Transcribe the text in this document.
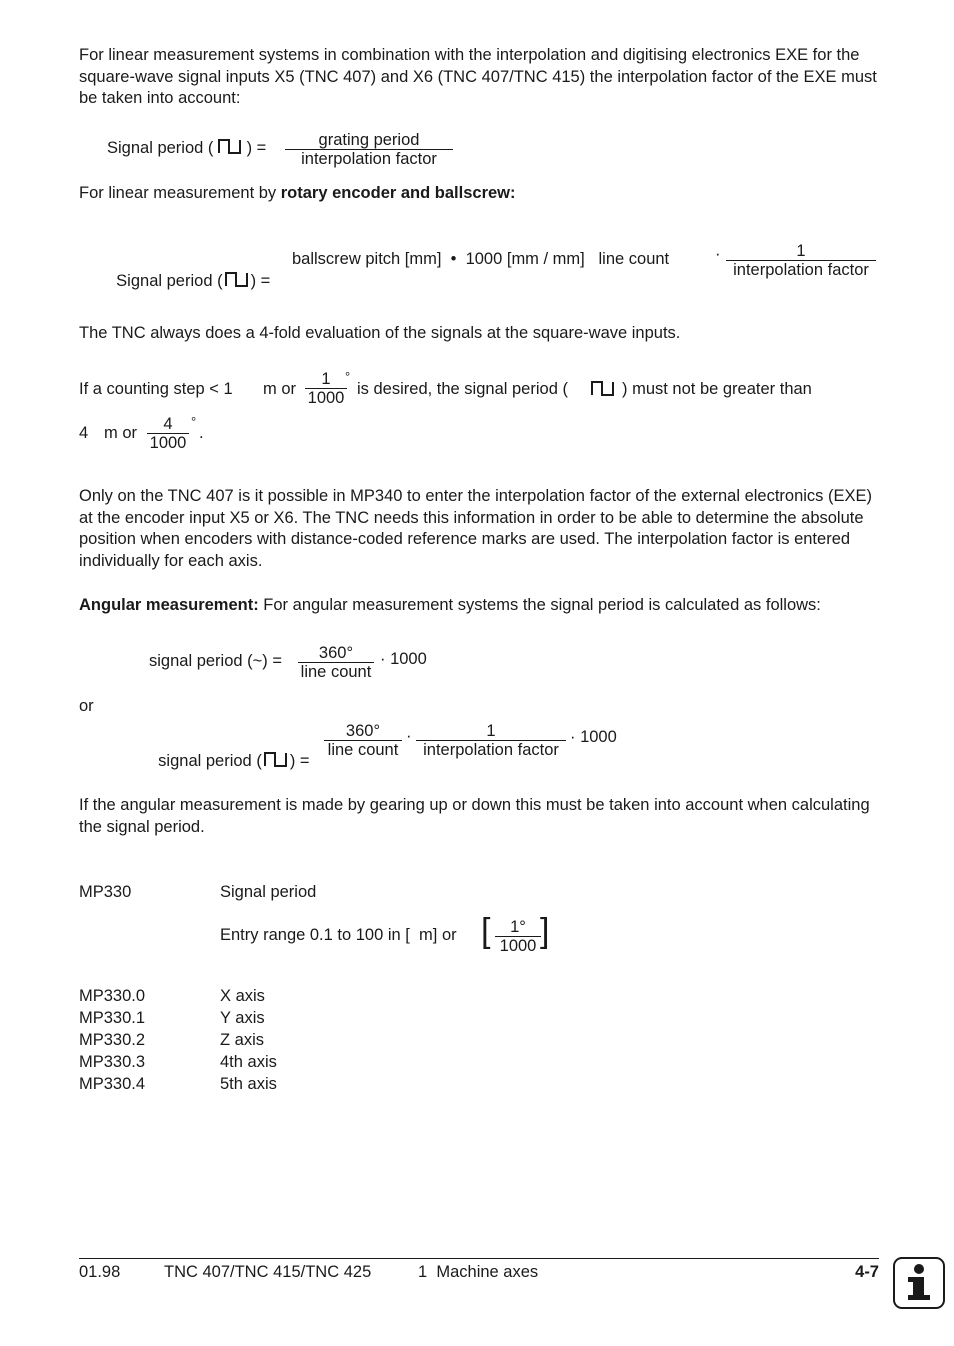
For linear measurement systems in combination with the interpolation and digitising electronics EXE for the square-wave signal inputs X5 (TNC 407) and X6 (TNC 407/TNC 415) the interpolation factor of the EXE must be taken into account:

Signal period ( ) =	grating period
interpolation factor

For linear measurement by rotary encoder and ballscrew:

Signal period ( ) =

ballscrew pitch [mm]  •  1000 [mm / mm]   line count	·	1
interpolation factor

The TNC always does a 4-fold evaluation of the signals at the square-wave inputs.

If a counting step < 1 m or $\frac{1}{1000}$
°
is desired, the signal period (	) must not be greater than
4 m or $\frac{4}{1000}$ °
.

Only on the TNC 407 is it possible in MP340 to enter the interpolation factor of the external electronics (EXE) at the encoder input X5 or X6. The TNC needs this information in order to be able to determine the absolute position when encoders with distance-coded reference marks are used. The interpolation factor is entered individually for each axis.

Angular measurement: For angular measurement systems the signal period is calculated as follows:

signal period (~) =	360°
line count
· 1000
or

signal period ( ) =

360°
line count
·	1
interpolation factor
· 1000

If the angular measurement is made by gearing up or down this must be taken into account when calculating the signal period.

MP330	Signal period
Entry range 0.1 to 100 in [  m] or [ $\frac{1^\circ}{1000}$ ]
MP330.0	X axis
MP330.1	Y axis
MP330.2	Z axis
MP330.3	4th axis
MP330.4	5th axis
01.98	TNC 407/TNC 415/TNC 425	1  Machine axes	4-7
